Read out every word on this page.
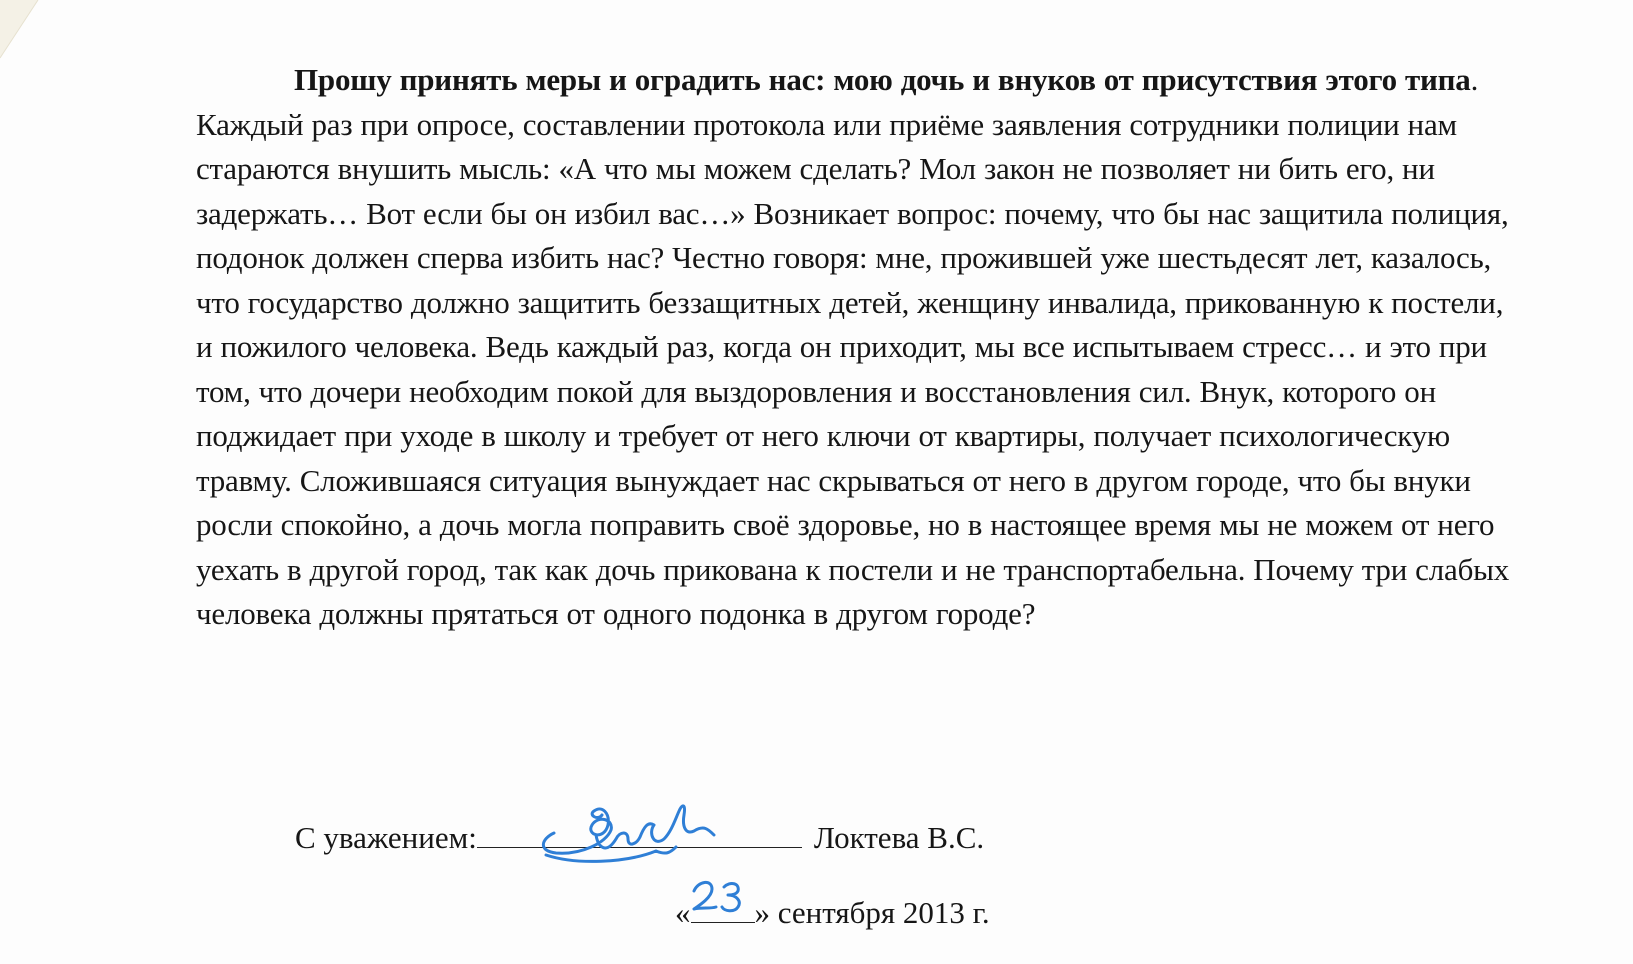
Прошу принять меры и оградить нас: мою дочь и внуков от присутствия этого типа. Каждый раз при опросе, составлении протокола или приёме заявления сотрудники полиции нам стараются внушить мысль: «А что мы можем сделать? Мол закон не позволяет ни бить его, ни задержать… Вот если бы он избил вас…» Возникает вопрос: почему, что бы нас защитила полиция, подонок должен сперва избить нас? Честно говоря: мне, прожившей уже шестьдесят лет, казалось, что государство должно защитить беззащитных детей, женщину инвалида, прикованную к постели, и пожилого человека. Ведь каждый раз, когда он приходит, мы все испытываем стресс… и это при том, что дочери необходим покой для выздоровления и восстановления сил. Внук, которого он поджидает при уходе в школу и требует от него ключи от квартиры, получает психологическую травму. Сложившаяся ситуация вынуждает нас скрываться от него в другом городе, что бы внуки росли спокойно, а дочь могла поправить своё здоровье, но в настоящее время мы не можем от него уехать в другой город, так как дочь прикована к постели и не транспортабельна. Почему три слабых человека должны прятаться от одного подонка в другом городе?

С уважением:	Локтева В.С.
« » сентября 2013 г.
